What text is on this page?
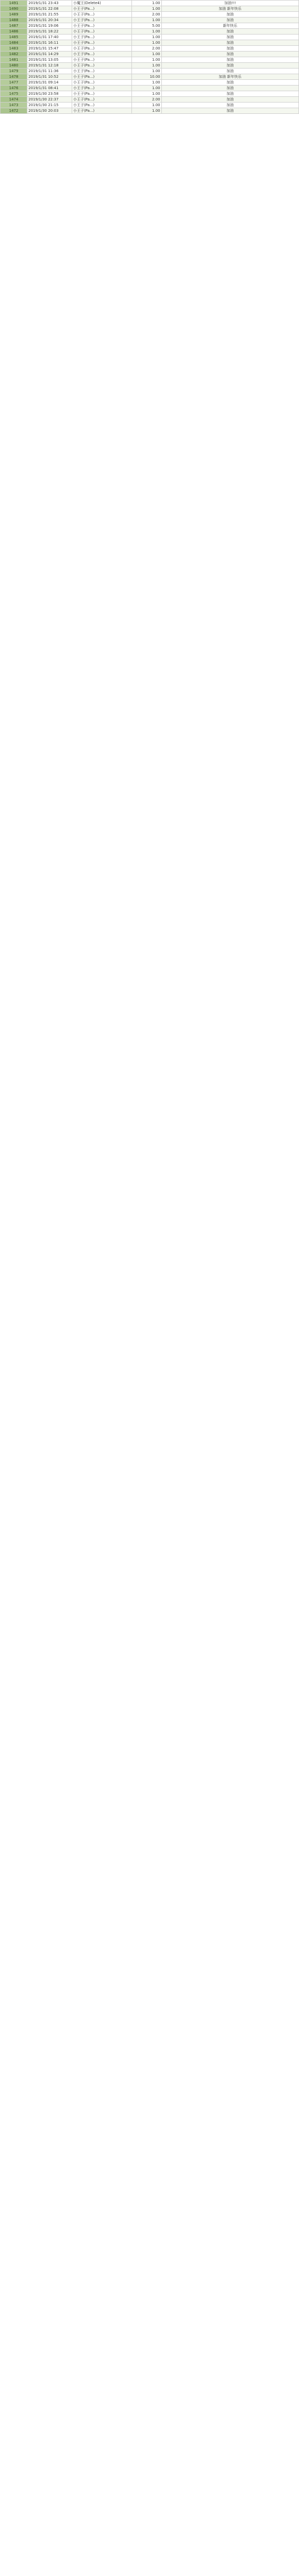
1491	2019/1/31 23:43	小魔王(Delete4)	1.00	加油!!!
1490	2019/1/31 22:08	小王子(Pa...)	1.00	加油 新年快乐
1489	2019/1/31 21:55	小王子(Pa...)	2.00	加油
1488	2019/1/31 20:34	小王子(Pa...)	1.00	加油
1487	2019/1/31 19:06	小王子(Pa...)	5.00	新年快乐
1486	2019/1/31 18:22	小王子(Pa...)	1.00	加油
1485	2019/1/31 17:40	小王子(Pa...)	1.00	加油
1484	2019/1/31 16:11	小王子(Pa...)	1.00	加油
1483	2019/1/31 15:47	小王子(Pa...)	2.00	加油
1482	2019/1/31 14:29	小王子(Pa...)	1.00	加油
1481	2019/1/31 13:05	小王子(Pa...)	1.00	加油
1480	2019/1/31 12:18	小王子(Pa...)	1.00	加油
1479	2019/1/31 11:36	小王子(Pa...)	1.00	加油
1478	2019/1/31 10:52	小王子(Pa...)	10.00	加油 新年快乐
1477	2019/1/31 09:14	小王子(Pa...)	1.00	加油
1476	2019/1/31 08:41	小王子(Pa...)	1.00	加油
1475	2019/1/30 23:58	小王子(Pa...)	1.00	加油
1474	2019/1/30 22:37	小王子(Pa...)	2.00	加油
1473	2019/1/30 21:15	小王子(Pa...)	1.00	加油
1472	2019/1/30 20:03	小王子(Pa...)	1.00	加油
